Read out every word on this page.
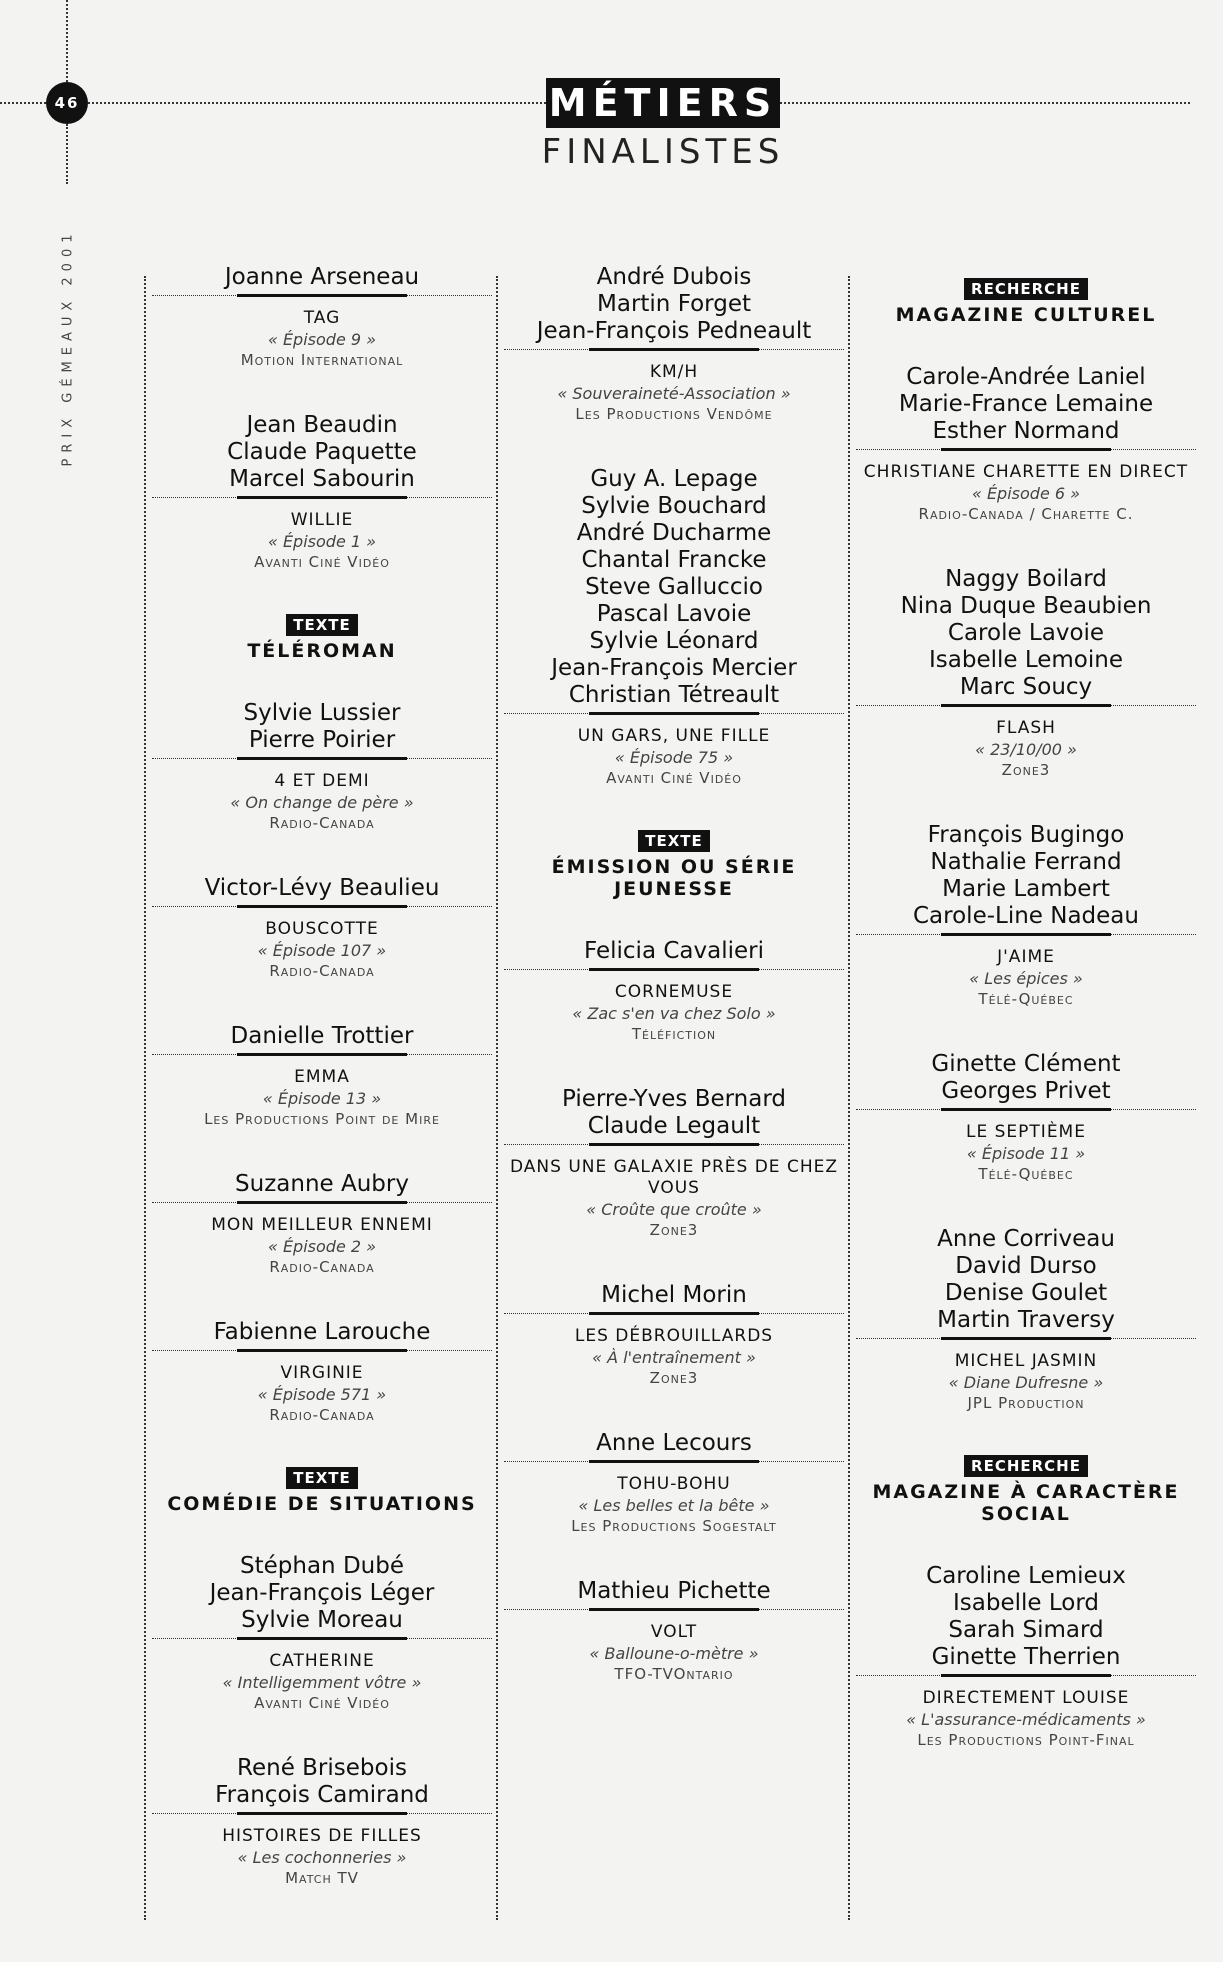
46
PRIX GÉMEAUX 2001
MÉTIERS
FINALISTES
Joanne Arseneau
TAG
« Épisode 9 »
Motion International
Jean Beaudin
Claude Paquette
Marcel Sabourin
WILLIE
« Épisode 1 »
Avanti Ciné Vidéo
TEXTE
TÉLÉROMAN
Sylvie Lussier
Pierre Poirier
4 ET DEMI
« On change de père »
Radio-Canada
Victor-Lévy Beaulieu
BOUSCOTTE
« Épisode 107 »
Radio-Canada
Danielle Trottier
EMMA
« Épisode 13 »
Les Productions Point de Mire
Suzanne Aubry
MON MEILLEUR ENNEMI
« Épisode 2 »
Radio-Canada
Fabienne Larouche
VIRGINIE
« Épisode 571 »
Radio-Canada
TEXTE
COMÉDIE DE SITUATIONS
Stéphan Dubé
Jean-François Léger
Sylvie Moreau
CATHERINE
« Intelligemment vôtre »
Avanti Ciné Vidéo
René Brisebois
François Camirand
HISTOIRES DE FILLES
« Les cochonneries »
Match TV
André Dubois
Martin Forget
Jean-François Pedneault
KM/H
« Souveraineté-Association »
Les Productions Vendôme
Guy A. Lepage
Sylvie Bouchard
André Ducharme
Chantal Francke
Steve Galluccio
Pascal Lavoie
Sylvie Léonard
Jean-François Mercier
Christian Tétreault
UN GARS, UNE FILLE
« Épisode 75 »
Avanti Ciné Vidéo
TEXTE
ÉMISSION OU SÉRIE JEUNESSE
Felicia Cavalieri
CORNEMUSE
« Zac s'en va chez Solo »
Téléfiction
Pierre-Yves Bernard
Claude Legault
DANS UNE GALAXIE PRÈS DE CHEZ VOUS
« Croûte que croûte »
Zone3
Michel Morin
LES DÉBROUILLARDS
« À l'entraînement »
Zone3
Anne Lecours
TOHU-BOHU
« Les belles et la bête »
Les Productions Sogestalt
Mathieu Pichette
VOLT
« Balloune-o-mètre »
TFO-TVOntario
RECHERCHE
MAGAZINE CULTUREL
Carole-Andrée Laniel
Marie-France Lemaine
Esther Normand
CHRISTIANE CHARETTE EN DIRECT
« Épisode 6 »
Radio-Canada / Charette C.
Naggy Boilard
Nina Duque Beaubien
Carole Lavoie
Isabelle Lemoine
Marc Soucy
FLASH
« 23/10/00 »
Zone3
François Bugingo
Nathalie Ferrand
Marie Lambert
Carole-Line Nadeau
J'AIME
« Les épices »
Télé-Québec
Ginette Clément
Georges Privet
LE SEPTIÈME
« Épisode 11 »
Télé-Québec
Anne Corriveau
David Durso
Denise Goulet
Martin Traversy
MICHEL JASMIN
« Diane Dufresne »
JPL Production
RECHERCHE
MAGAZINE À CARACTÈRE SOCIAL
Caroline Lemieux
Isabelle Lord
Sarah Simard
Ginette Therrien
DIRECTEMENT LOUISE
« L'assurance-médicaments »
Les Productions Point-Final
